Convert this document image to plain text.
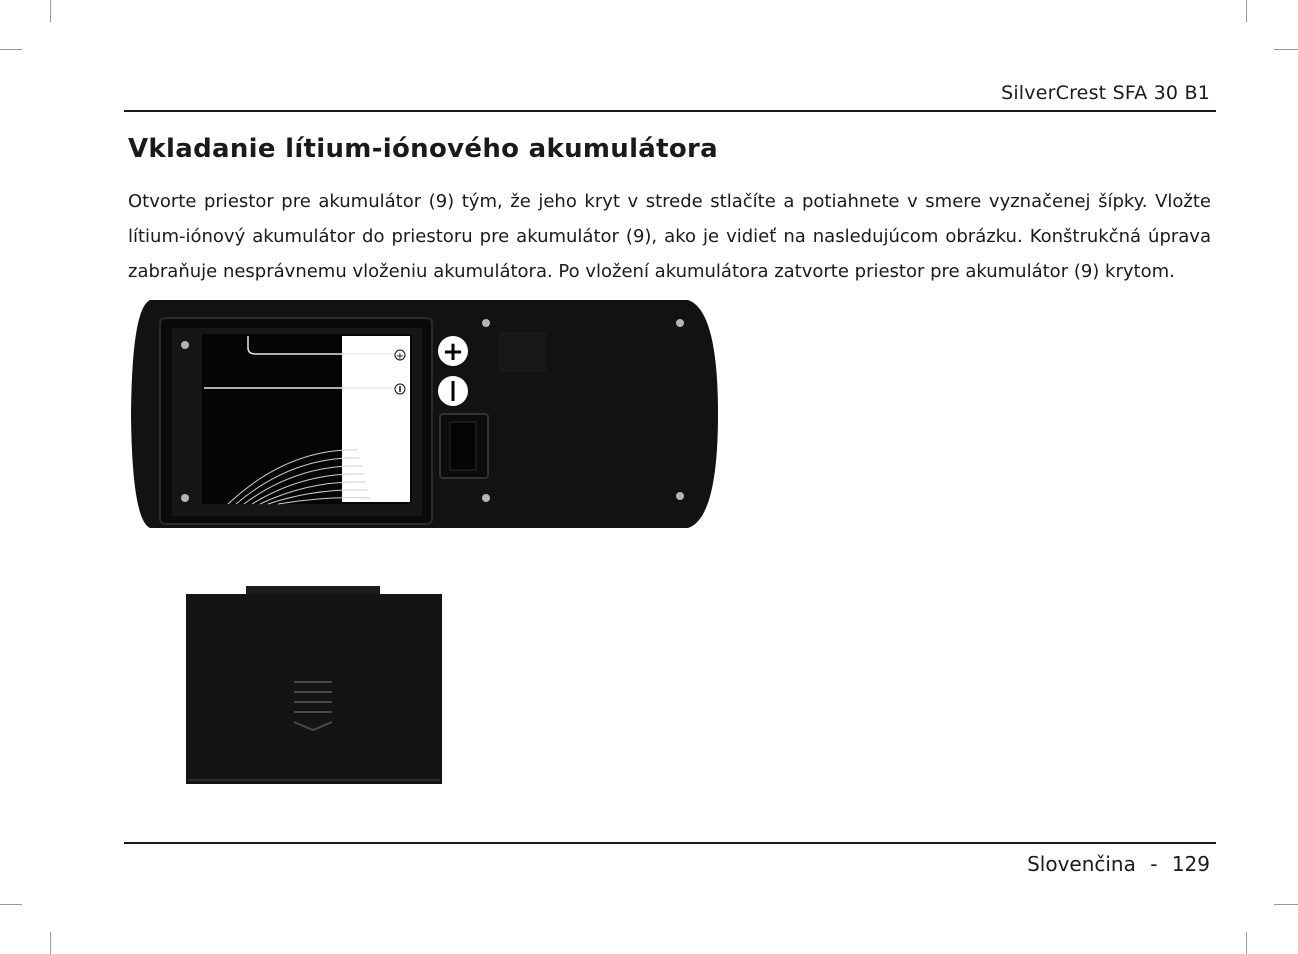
SilverCrest SFA 30 B1
Vkladanie lítium-iónového akumulátora

Otvorte priestor pre akumulátor (9) tým, že jeho kryt v strede stlačíte a potiahnete v smere vyznačenej šípky. Vložte lítium-iónový akumulátor do priestoru pre akumulátor (9), ako je vidieť na nasledujúcom obrázku. Konštrukčná úprava zabraňuje nesprávnemu vloženiu akumulátora. Po vložení akumulátora zatvorte priestor pre akumulátor (9) krytom.

+ +
Slovenčina - 129
